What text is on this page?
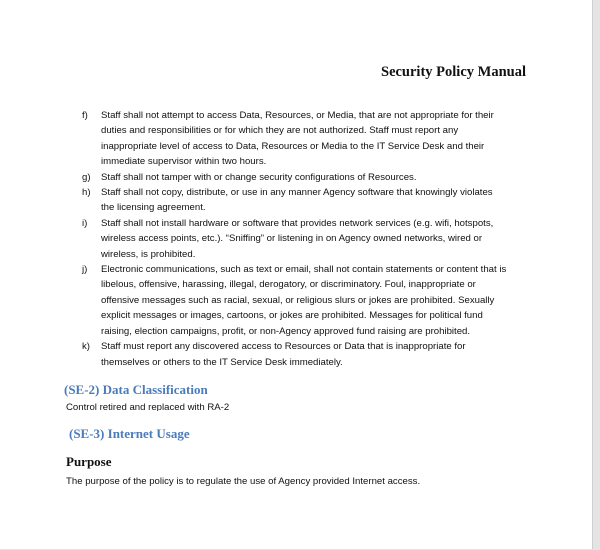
Security Policy Manual
f) Staff shall not attempt to access Data, Resources, or Media, that are not appropriate for their
duties and responsibilities or for which they are not authorized. Staff must report any
inappropriate level of access to Data, Resources or Media to the IT Service Desk and their
immediate supervisor within two hours.
g) Staff shall not tamper with or change security configurations of Resources.
h) Staff shall not copy, distribute, or use in any manner Agency software that knowingly violates
the licensing agreement.
i) Staff shall not install hardware or software that provides network services (e.g. wifi, hotspots,
wireless access points, etc.). “Sniffing” or listening in on Agency owned networks, wired or
wireless, is prohibited.
j) Electronic communications, such as text or email, shall not contain statements or content that is
libelous, offensive, harassing, illegal, derogatory, or discriminatory. Foul, inappropriate or
offensive messages such as racial, sexual, or religious slurs or jokes are prohibited. Sexually
explicit messages or images, cartoons, or jokes are prohibited. Messages for political fund
raising, election campaigns, profit, or non-Agency approved fund raising are prohibited.
k) Staff must report any discovered access to Resources or Data that is inappropriate for
themselves or others to the IT Service Desk immediately.
(SE-2) Data Classification
Control retired and replaced with RA-2
(SE-3) Internet Usage
Purpose

The purpose of the policy is to regulate the use of Agency provided Internet access.
